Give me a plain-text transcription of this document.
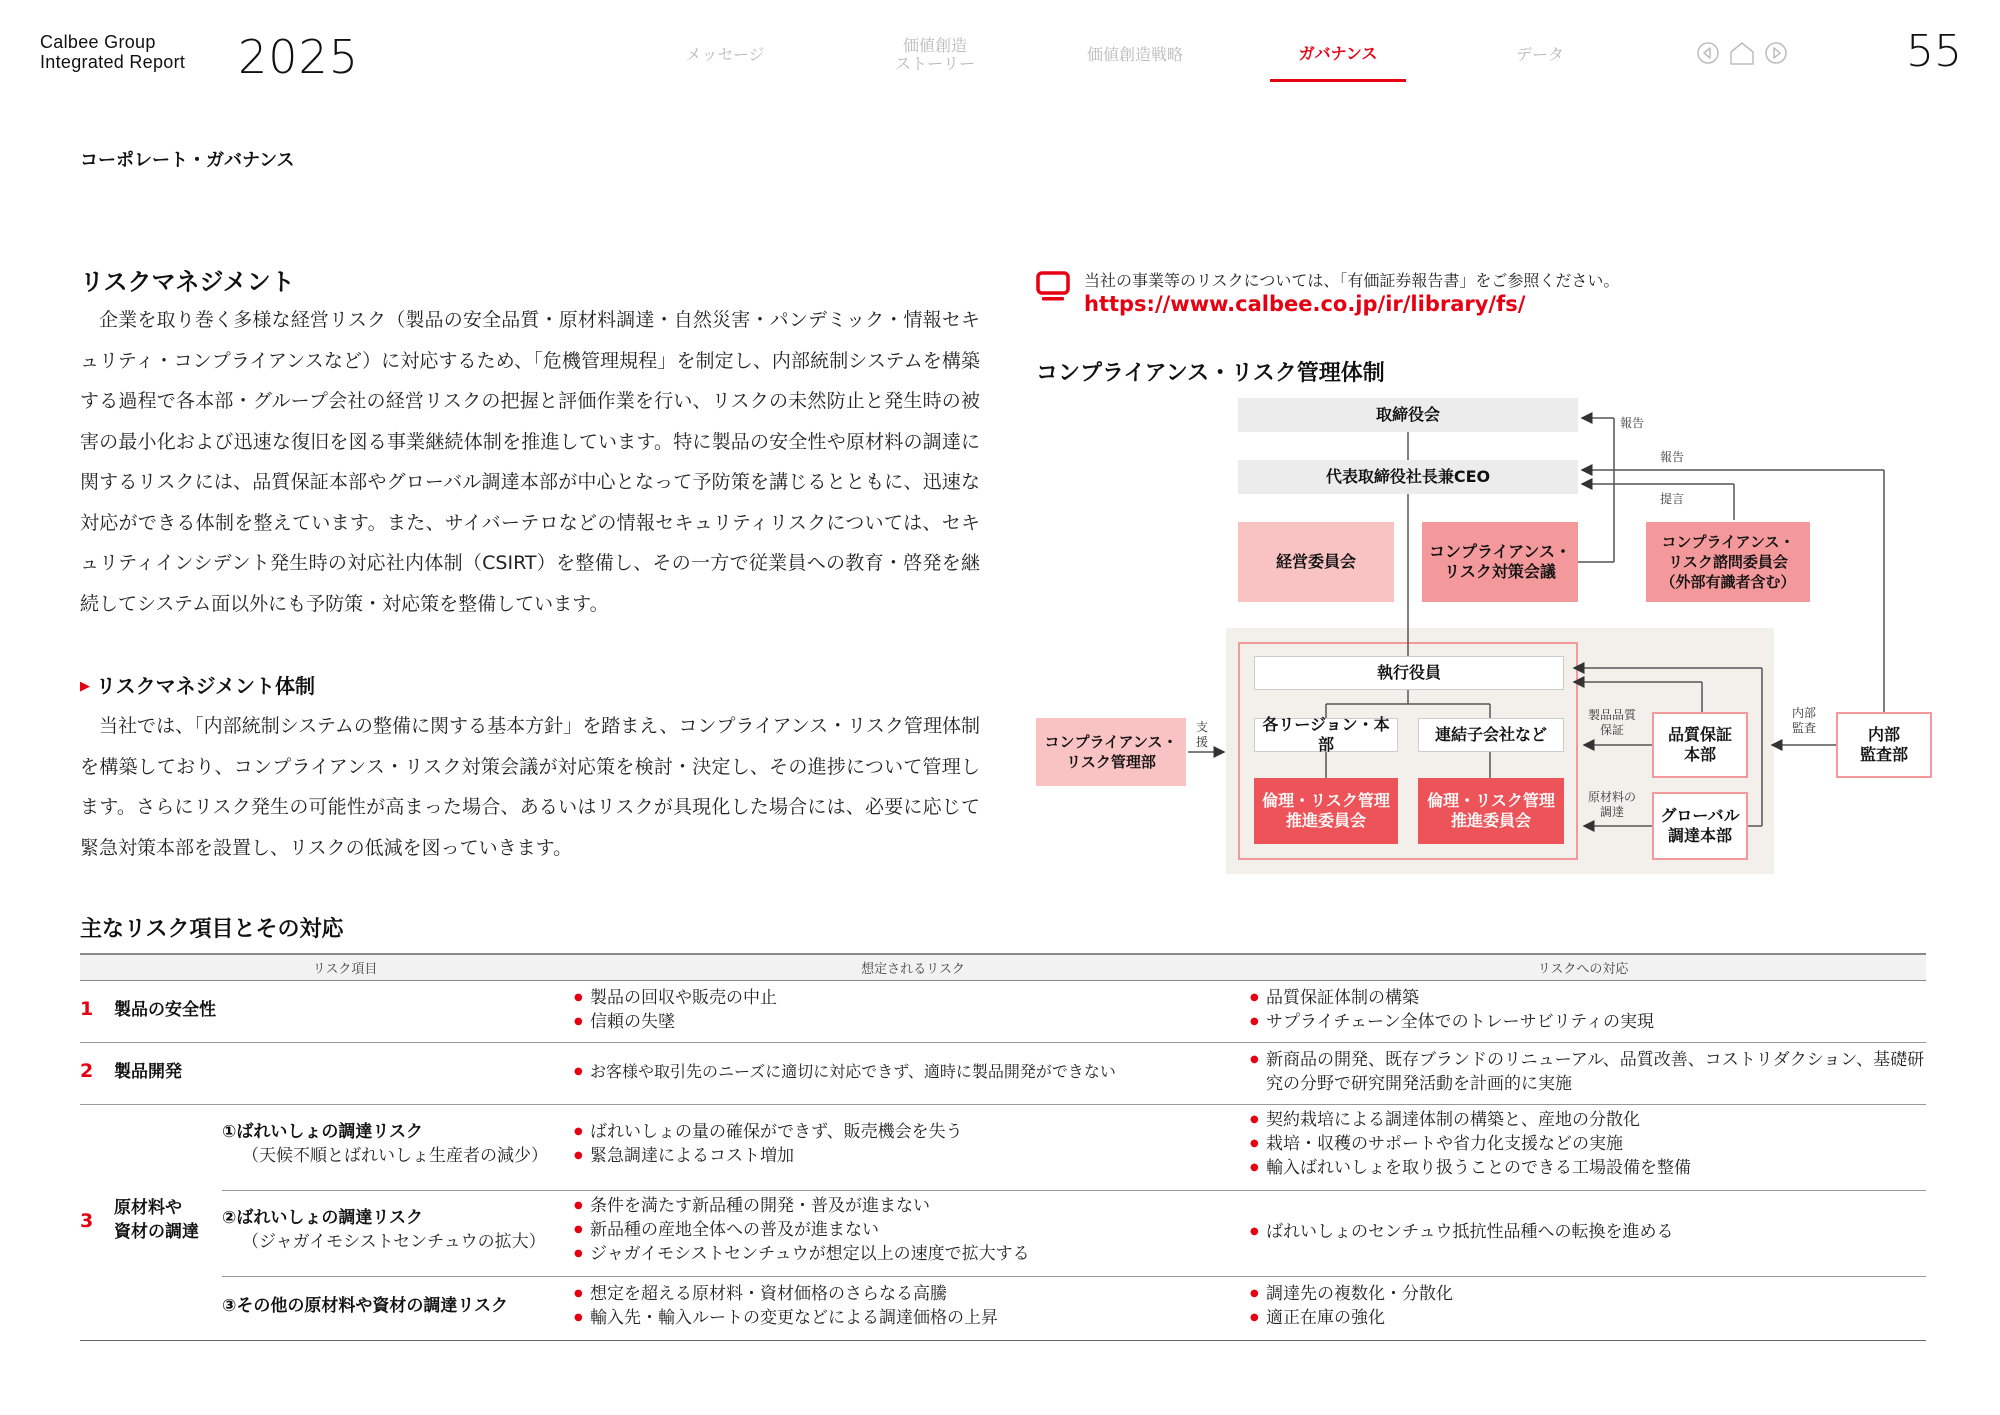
Calbee Group
Integrated Report 2025	メッセージ	価値創造
ストーリー	価値創造戦略	ガバナンス	データ	55
コーポレート・ガバナンス
リスクマネジメント

企業を取り巻く多様な経営リスク（製品の安全品質・原材料調達・自然災害・パンデミック・情報セキュリティ・コンプライアンスなど）に対応するため、「危機管理規程」を制定し、内部統制システムを構築する過程で各本部・グループ会社の経営リスクの把握と評価作業を行い、リスクの未然防止と発生時の被害の最小化および迅速な復旧を図る事業継続体制を推進しています。特に製品の安全性や原材料の調達に関するリスクには、品質保証本部やグローバル調達本部が中心となって予防策を講じるとともに、迅速な対応ができる体制を整えています。また、サイバーテロなどの情報セキュリティリスクについては、セキュリティインシデント発生時の対応社内体制（CSIRT）を整備し、その一方で従業員への教育・啓発を継続してシステム面以外にも予防策・対応策を整備しています。

▶ リスクマネジメント体制

当社では、「内部統制システムの整備に関する基本方針」を踏まえ、コンプライアンス・リスク管理体制を構築しており、コンプライアンス・リスク対策会議が対応策を検討・決定し、その進捗について管理します。さらにリスク発生の可能性が高まった場合、あるいはリスクが具現化した場合には、必要に応じて緊急対策本部を設置し、リスクの低減を図っていきます。

当社の事業等のリスクについては、「有価証券報告書」をご参照ください。
https://www.calbee.co.jp/ir/library/fs/
コンプライアンス・リスク管理体制
取締役会
代表取締役社長兼CEO
経営委員会
コンプライアンス・
リスク対策会議
コンプライアンス・
リスク諮問委員会
（外部有識者含む）
執行役員
各リージョン・本部
連結子会社など
倫理・リスク管理
推進委員会
倫理・リスク管理
推進委員会
コンプライアンス・
リスク管理部
品質保証
本部
グローバル
調達本部
内部
監査部
報告
報告
提言
支
援
製品品質
保証
原材料の
調達
内部
監査
主なリスク項目とその対応
リスク項目	想定されるリスク	リスクへの対応
1 製品の安全性
● 製品の回収や販売の中止
● 信頼の失墜
● 品質保証体制の構築
● サプライチェーン全体でのトレーサビリティの実現
2 製品開発
●	お客様や取引先のニーズに適切に対応できず、適時に製品開発ができない
● 新商品の開発、既存ブランドのリニューアル、品質改善、コストリダクション、基礎研究の分野で研究開発活動を計画的に実施
3
原材料や
資材の調達
①ばれいしょの調達リスク
（天候不順とばれいしょ生産者の減少）
● ばれいしょの量の確保ができず、販売機会を失う
● 緊急調達によるコスト増加
● 契約栽培による調達体制の構築と、産地の分散化
● 栽培・収穫のサポートや省力化支援などの実施
● 輸入ばれいしょを取り扱うことのできる工場設備を整備
②ばれいしょの調達リスク
（ジャガイモシストセンチュウの拡大）
● 条件を満たす新品種の開発・普及が進まない
● 新品種の産地全体への普及が進まない
● ジャガイモシストセンチュウが想定以上の速度で拡大する
● ばれいしょのセンチュウ抵抗性品種への転換を進める
③その他の原材料や資材の調達リスク
● 想定を超える原材料・資材価格のさらなる高騰
● 輸入先・輸入ルートの変更などによる調達価格の上昇
● 調達先の複数化・分散化
● 適正在庫の強化
